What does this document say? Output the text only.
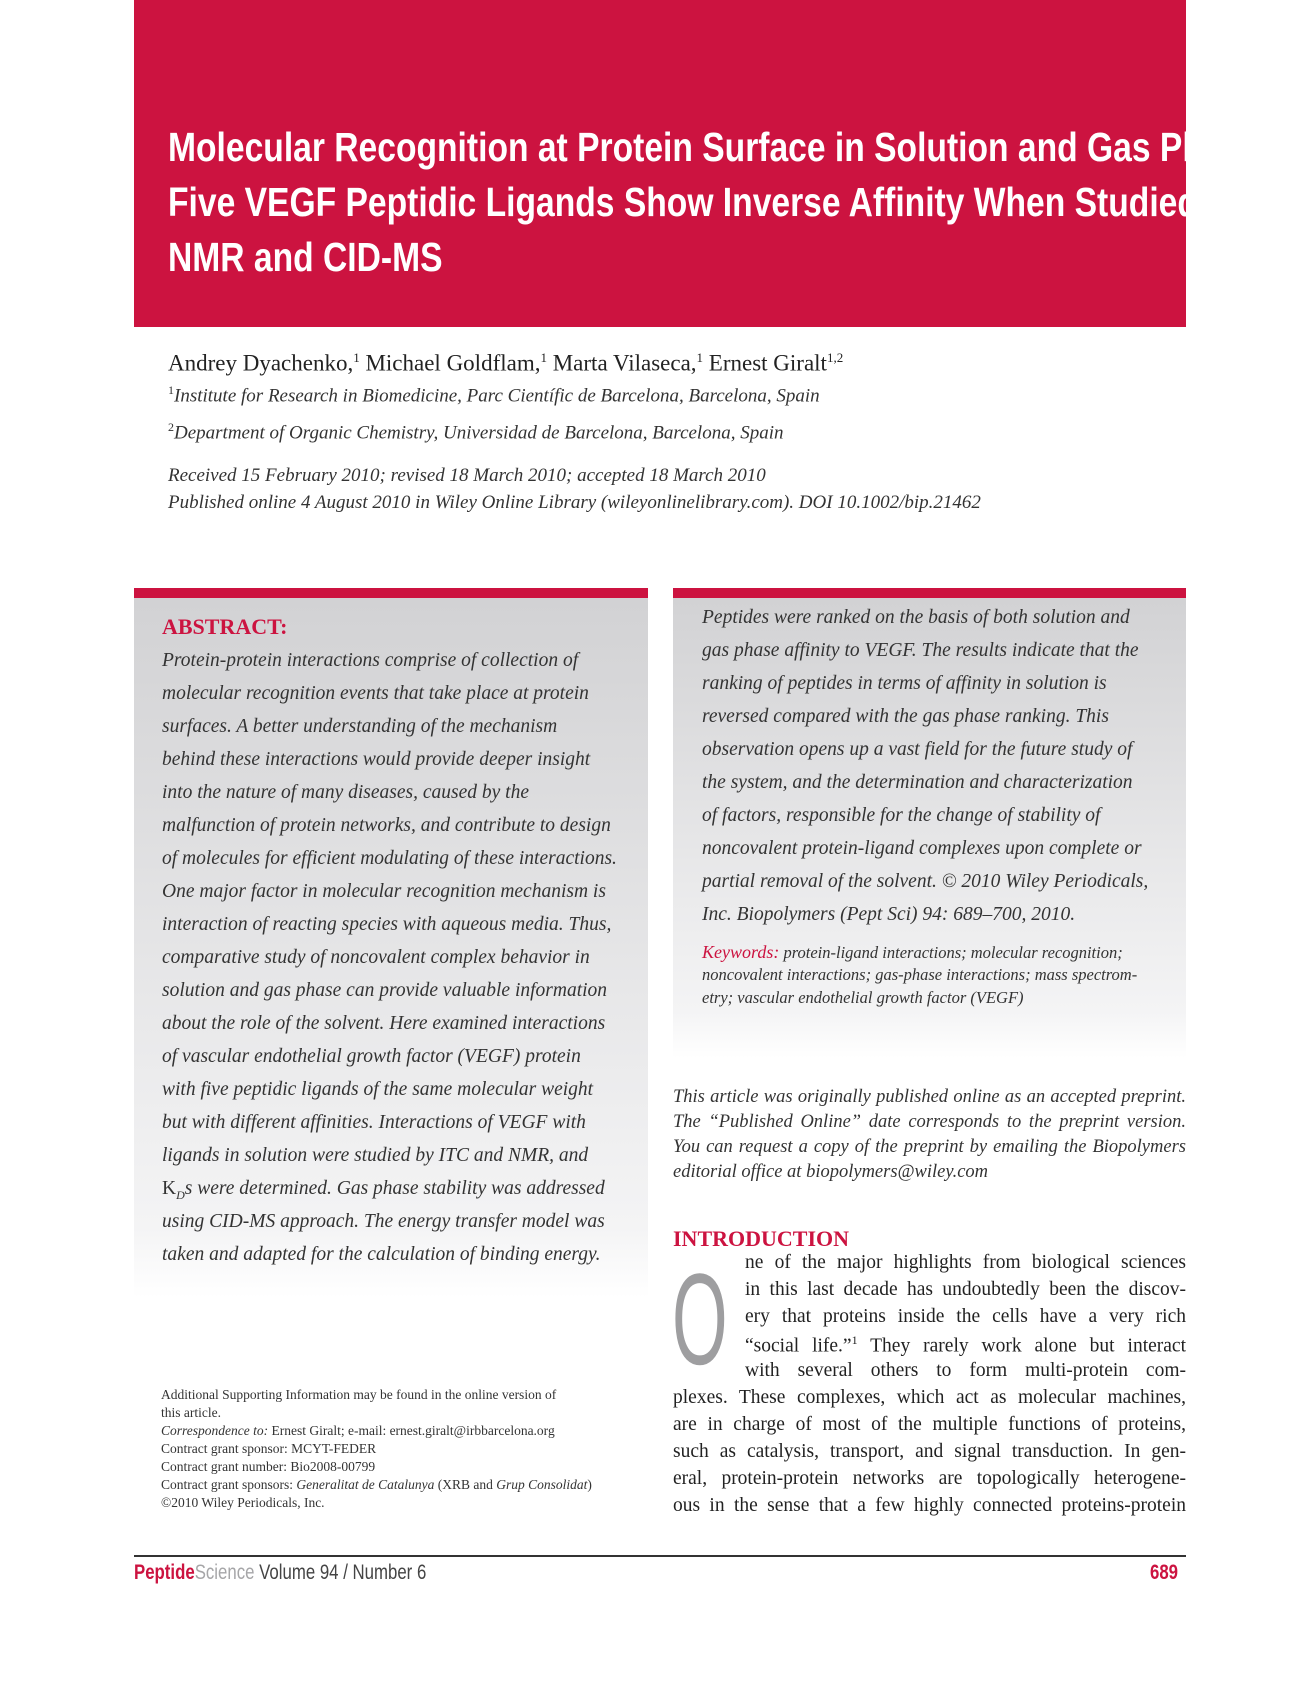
Molecular Recognition at Protein Surface in Solution and Gas Phase:
Five VEGF Peptidic Ligands Show Inverse Affinity When Studied by
NMR and CID-MS
Andrey Dyachenko,$^1$ Michael Goldflam,$^1$ Marta Vilaseca,$^1$ Ernest Giralt$^{1,2}$
$^1$Institute for Research in Biomedicine, Parc Científic de Barcelona, Barcelona, Spain
$^2$Department of Organic Chemistry, Universidad de Barcelona, Barcelona, Spain
Received 15 February 2010; revised 18 March 2010; accepted 18 March 2010
Published online 4 August 2010 in Wiley Online Library (wileyonlinelibrary.com). DOI 10.1002/bip.21462
ABSTRACT:
Protein-protein interactions comprise of collection of
molecular recognition events that take place at protein
surfaces. A better understanding of the mechanism
behind these interactions would provide deeper insight
into the nature of many diseases, caused by the
malfunction of protein networks, and contribute to design
of molecules for efficient modulating of these interactions.
One major factor in molecular recognition mechanism is
interaction of reacting species with aqueous media. Thus,
comparative study of noncovalent complex behavior in
solution and gas phase can provide valuable information
about the role of the solvent. Here examined interactions
of vascular endothelial growth factor (VEGF) protein
with five peptidic ligands of the same molecular weight
but with different affinities. Interactions of VEGF with
ligands in solution were studied by ITC and NMR, and
$K_Ds$ were determined. Gas phase stability was addressed
using CID-MS approach. The energy transfer model was
taken and adapted for the calculation of binding energy.
Peptides were ranked on the basis of both solution and
gas phase affinity to VEGF. The results indicate that the
ranking of peptides in terms of affinity in solution is
reversed compared with the gas phase ranking. This
observation opens up a vast field for the future study of
the system, and the determination and characterization
of factors, responsible for the change of stability of
noncovalent protein-ligand complexes upon complete or
partial removal of the solvent. © 2010 Wiley Periodicals,
Inc. Biopolymers (Pept Sci) 94: 689–700, 2010.
Keywords: protein-ligand interactions; molecular recognition;
noncovalent interactions; gas-phase interactions; mass spectrom-
etry; vascular endothelial growth factor (VEGF)

This article was originally published online as an accepted preprint. The “Published Online” date corresponds to the preprint version. You can request a copy of the preprint by emailing the Biopolymers editorial office at biopolymers@wiley.com

INTRODUCTION
O ne of the major highlights from biological sciences
in this last decade has undoubtedly been the discov-
ery that proteins inside the cells have a very rich
“social life.”$^1$ They rarely work alone but interact
with several others to form multi-protein com-
plexes. These complexes, which act as molecular machines,
are in charge of most of the multiple functions of proteins,
such as catalysis, transport, and signal transduction. In gen-
eral, protein-protein networks are topologically heterogene-
ous in the sense that a few highly connected proteins-protein
Additional Supporting Information may be found in the online version of
this article.
Correspondence to: Ernest Giralt; e-mail: ernest.giralt@irbbarcelona.org
Contract grant sponsor: MCYT-FEDER
Contract grant number: Bio2008-00799
Contract grant sponsors: Generalitat de Catalunya (XRB and Grup Consolidat)
©2010 Wiley Periodicals, Inc.
PeptideScience Volume 94 / Number 6	689
